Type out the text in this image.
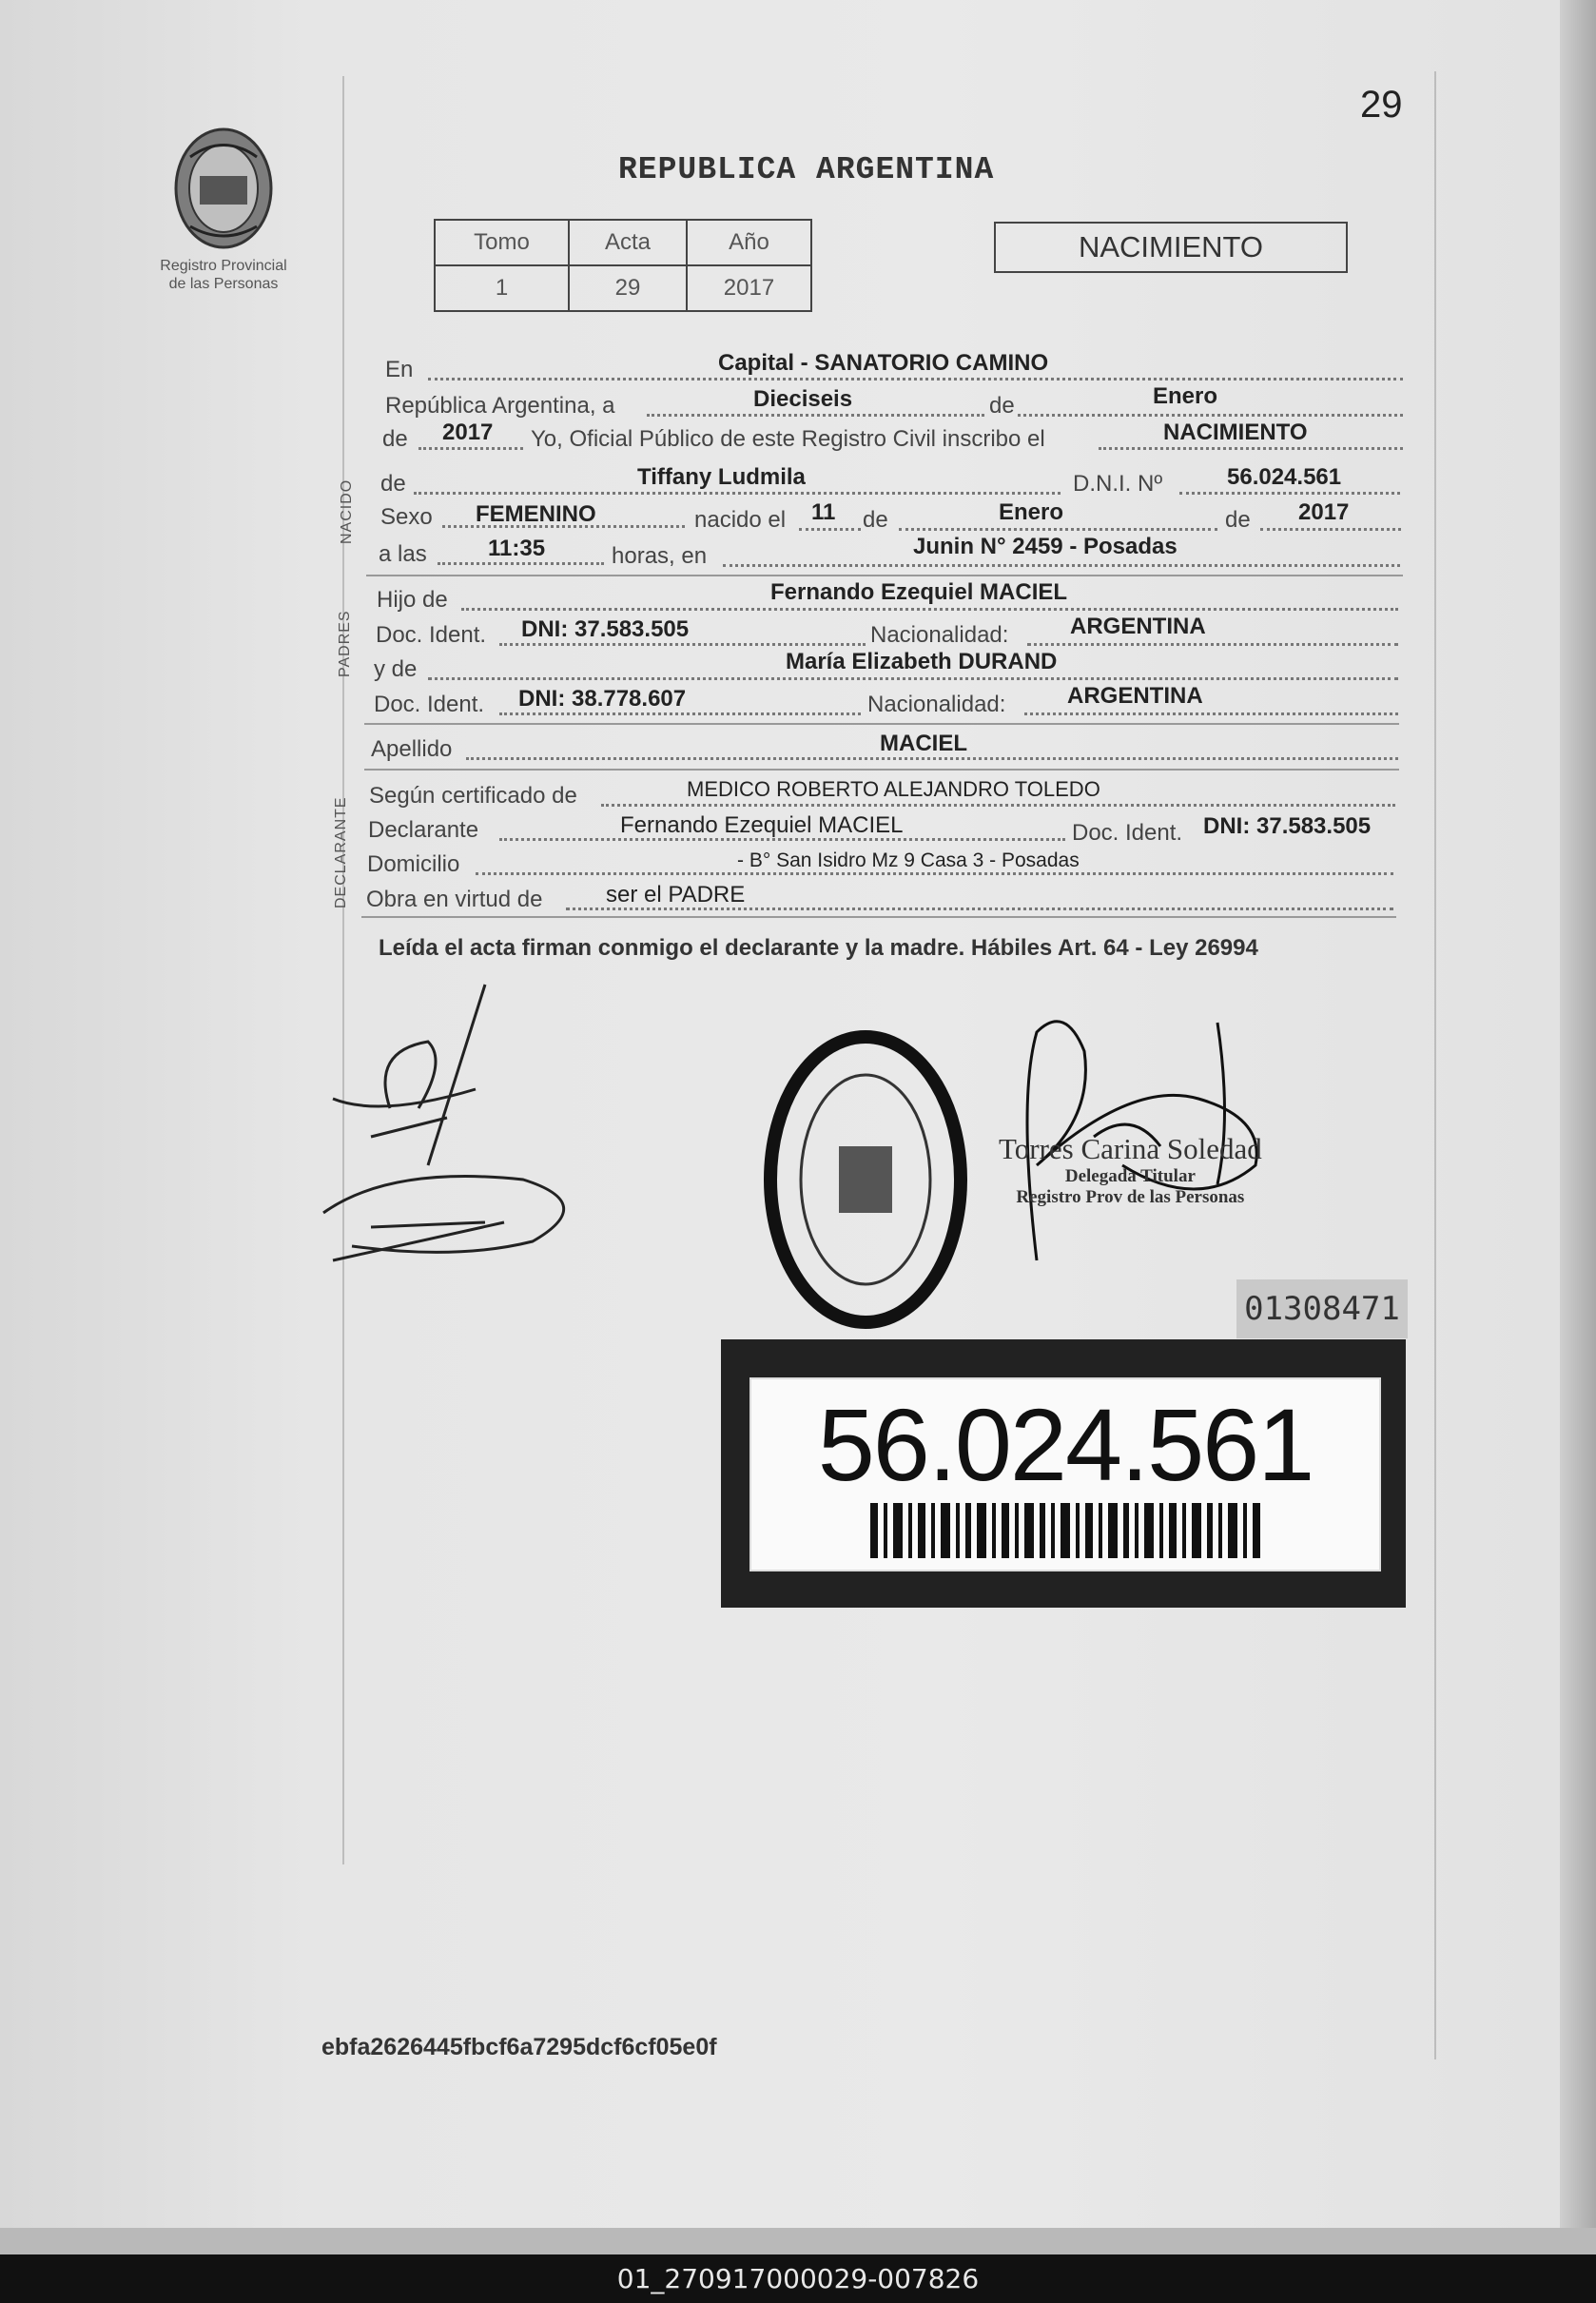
29
Registro Provincial
de las Personas
REPUBLICA ARGENTINA
Tomo	Acta	Año
1	29	2017
NACIMIENTO
En	Capital - SANATORIO CAMINO
República Argentina, a	Dieciseis	de	Enero
de 2017 Yo, Oficial Público de este Registro Civil inscribo el	NACIMIENTO
NACIDO de	Tiffany Ludmila	D.N.I. Nº	56.024.561
Sexo FEMENINO	nacido el 11 de	Enero	de 2017
a las	11:35	horas, en	Junin N° 2459 - Posadas
PADRES
Hijo de	Fernando Ezequiel MACIEL
Doc. Ident. DNI: 37.583.505	Nacionalidad:	ARGENTINA
y de	María Elizabeth DURAND
Doc. Ident. DNI: 38.778.607	Nacionalidad:	ARGENTINA
Apellido	MACIEL
DECLARANTE
Según certificado de	MEDICO ROBERTO ALEJANDRO TOLEDO
Declarante	Fernando Ezequiel MACIEL	Doc. Ident. DNI: 37.583.505
Domicilio	- B° San Isidro Mz 9 Casa 3 - Posadas
Obra en virtud de	ser el PADRE
Leída el acta firman conmigo el declarante y la madre. Hábiles Art. 64 - Ley 26994
Torres Carina Soledad
Delegada Titular
Registro Prov de las Personas
01308471
56.024.561
ebfa2626445fbcf6a7295dcf6cf05e0f
01_270917000029-007826
